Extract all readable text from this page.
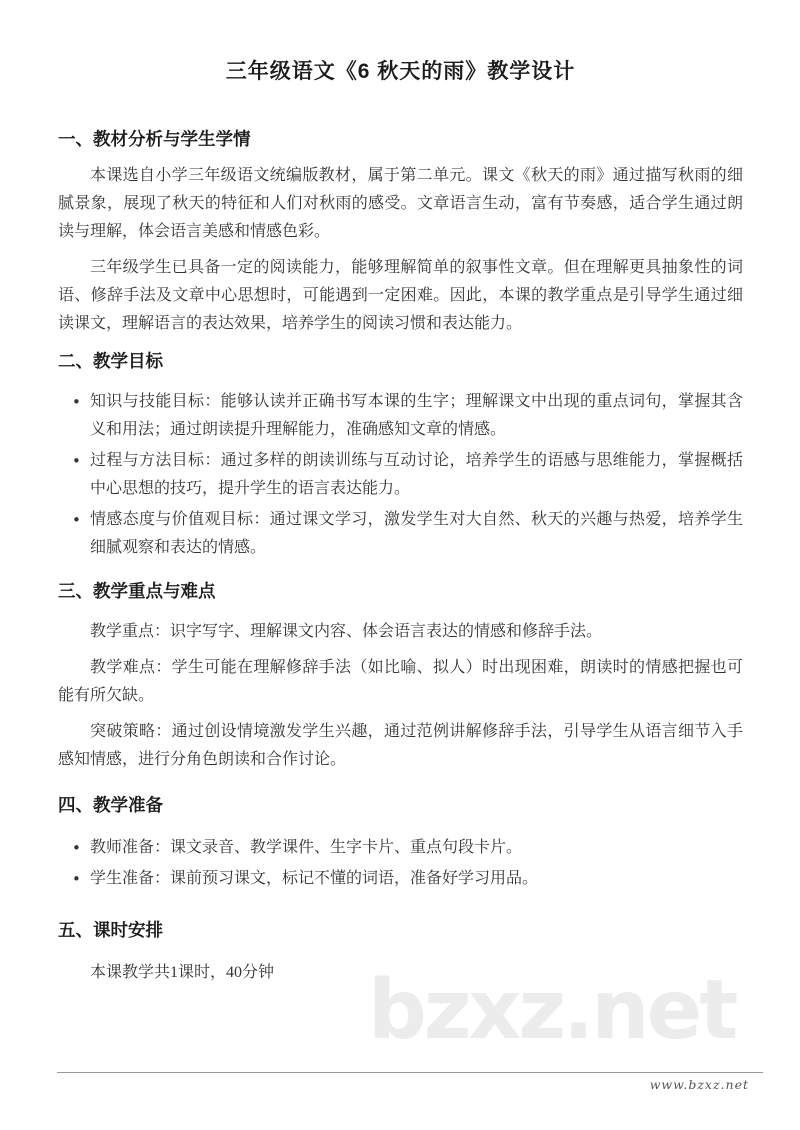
三年级语文《6 秋天的雨》教学设计
一、教材分析与学生学情

本课选自小学三年级语文统编版教材，属于第二单元。课文《秋天的雨》通过描写秋雨的细腻景象，展现了秋天的特征和人们对秋雨的感受。文章语言生动，富有节奏感，适合学生通过朗读与理解，体会语言美感和情感色彩。

三年级学生已具备一定的阅读能力，能够理解简单的叙事性文章。但在理解更具抽象性的词语、修辞手法及文章中心思想时，可能遇到一定困难。因此，本课的教学重点是引导学生通过细读课文，理解语言的表达效果，培养学生的阅读习惯和表达能力。

二、教学目标
• 知识与技能目标：能够认读并正确书写本课的生字；理解课文中出现的重点词句，掌握其含义和用法；通过朗读提升理解能力，准确感知文章的情感。
• 过程与方法目标：通过多样的朗读训练与互动讨论，培养学生的语感与思维能力，掌握概括中心思想的技巧，提升学生的语言表达能力。
• 情感态度与价值观目标：通过课文学习，激发学生对大自然、秋天的兴趣与热爱，培养学生细腻观察和表达的情感。
三、教学重点与难点

教学重点：识字写字、理解课文内容、体会语言表达的情感和修辞手法。

教学难点：学生可能在理解修辞手法（如比喻、拟人）时出现困难，朗读时的情感把握也可能有所欠缺。

突破策略：通过创设情境激发学生兴趣，通过范例讲解修辞手法，引导学生从语言细节入手感知情感，进行分角色朗读和合作讨论。

四、教学准备
• 教师准备：课文录音、教学课件、生字卡片、重点句段卡片。
• 学生准备：课前预习课文，标记不懂的词语，准备好学习用品。
五、课时安排

本课教学共1课时，40分钟	bzxz.net
www.bzxz.net
